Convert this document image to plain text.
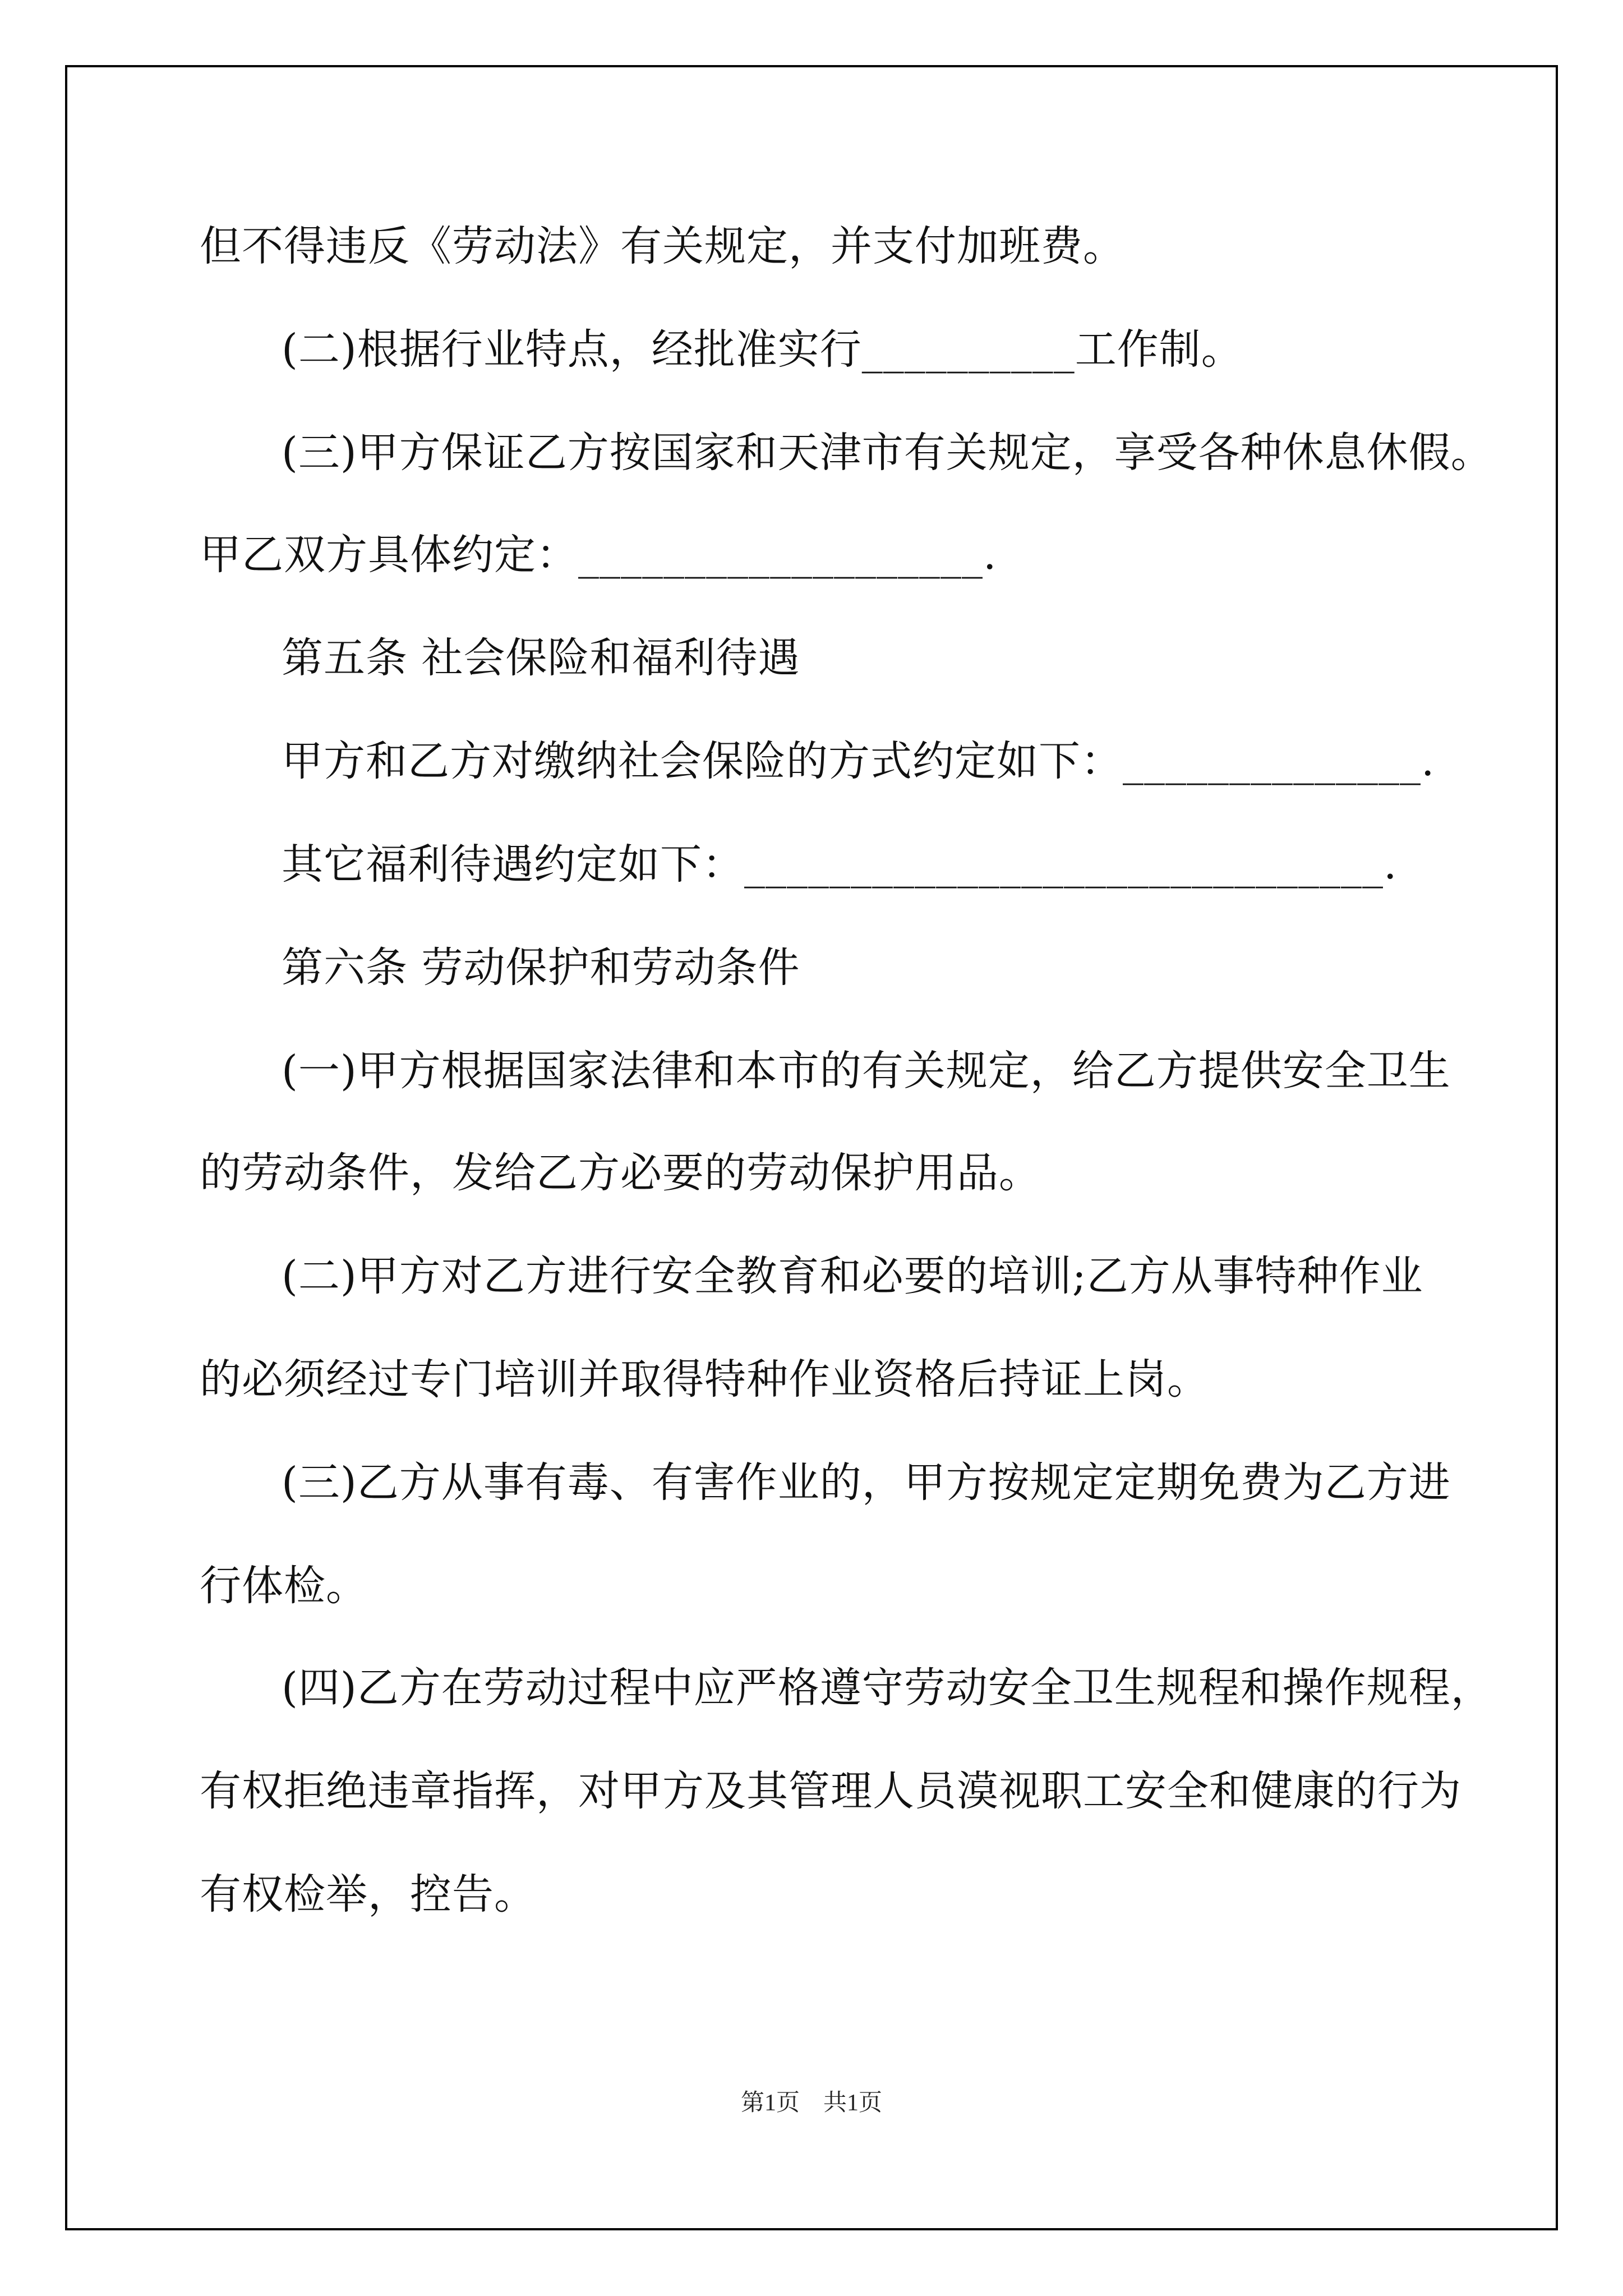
但不得违反《劳动法》有关规定，并支付加班费。
(二)根据行业特点，经批准实行__________工作制。
(三)甲方保证乙方按国家和天津市有关规定，享受各种休息休假。
甲乙双方具体约定：___________________.
第五条 社会保险和福利待遇
甲方和乙方对缴纳社会保险的方式约定如下：______________.
其它福利待遇约定如下：______________________________.
第六条 劳动保护和劳动条件
(一)甲方根据国家法律和本市的有关规定，给乙方提供安全卫生
的劳动条件，发给乙方必要的劳动保护用品。
(二)甲方对乙方进行安全教育和必要的培训;乙方从事特种作业
的必须经过专门培训并取得特种作业资格后持证上岗。
(三)乙方从事有毒、有害作业的，甲方按规定定期免费为乙方进
行体检。
(四)乙方在劳动过程中应严格遵守劳动安全卫生规程和操作规程，
有权拒绝违章指挥，对甲方及其管理人员漠视职工安全和健康的行为
有权检举，控告。
第1页　共1页
